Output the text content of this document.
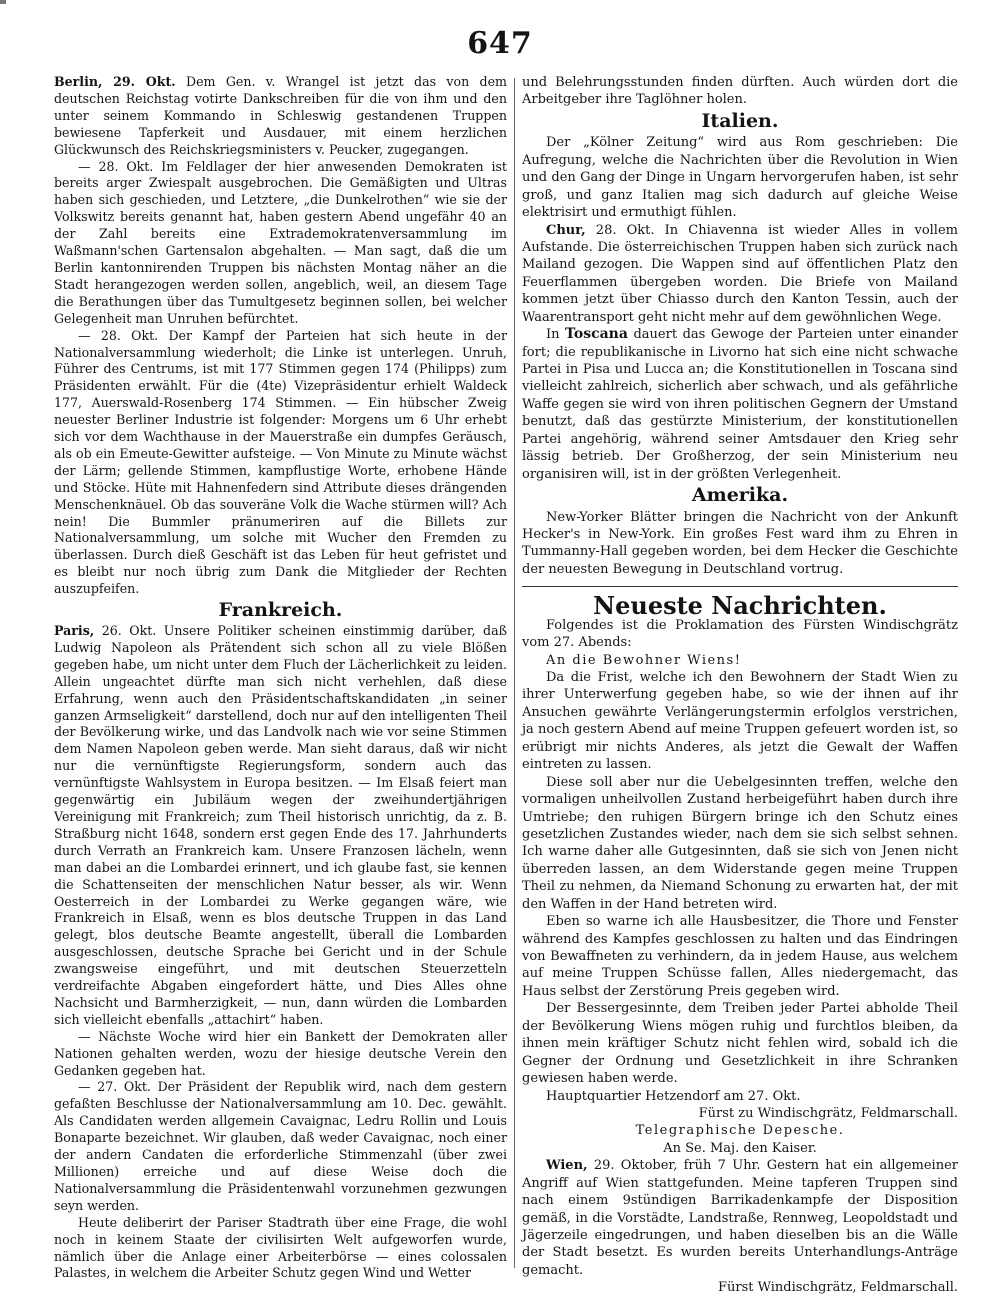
647

Berlin, 29. Okt. Dem Gen. v. Wrangel ist jetzt das von dem deutschen Reichstag votirte Dankschreiben für die von ihm und den unter seinem Kommando in Schleswig gestandenen Truppen bewiesene Tapferkeit und Ausdauer, mit einem herzlichen Glückwunsch des Reichskriegsministers v. Peucker, zugegangen.

— 28. Okt. Im Feldlager der hier anwesenden Demokraten ist bereits arger Zwiespalt ausgebrochen. Die Gemäßigten und Ultras haben sich geschieden, und Letztere, „die Dunkelrothen“ wie sie der Volkswitz bereits genannt hat, haben gestern Abend ungefähr 40 an der Zahl bereits eine Extrademokratenversammlung im Waßmann'schen Gartensalon abgehalten. — Man sagt, daß die um Berlin kantonnirenden Truppen bis nächsten Montag näher an die Stadt herangezogen werden sollen, angeblich, weil, an diesem Tage die Berathungen über das Tumultgesetz beginnen sollen, bei welcher Gelegenheit man Unruhen befürchtet.

— 28. Okt. Der Kampf der Parteien hat sich heute in der Nationalversammlung wiederholt; die Linke ist unterlegen. Unruh, Führer des Centrums, ist mit 177 Stimmen gegen 174 (Philipps) zum Präsidenten erwählt. Für die (4te) Vizepräsidentur erhielt Waldeck 177, Auerswald-Rosenberg 174 Stimmen. — Ein hübscher Zweig neuester Berliner Industrie ist folgender: Morgens um 6 Uhr erhebt sich vor dem Wachthause in der Mauerstraße ein dumpfes Geräusch, als ob ein Emeute-Gewitter aufsteige. — Von Minute zu Minute wächst der Lärm; gellende Stimmen, kampflustige Worte, erhobene Hände und Stöcke. Hüte mit Hahnenfedern sind Attribute dieses drängenden Menschenknäuel. Ob das souveräne Volk die Wache stürmen will? Ach nein! Die Bummler pränumeriren auf die Billets zur Nationalversammlung, um solche mit Wucher den Fremden zu überlassen. Durch dieß Geschäft ist das Leben für heut gefristet und es bleibt nur noch übrig zum Dank die Mitglieder der Rechten auszupfeifen.

Frankreich.

Paris, 26. Okt. Unsere Politiker scheinen einstimmig darüber, daß Ludwig Napoleon als Prätendent sich schon all zu viele Blößen gegeben habe, um nicht unter dem Fluch der Lächerlichkeit zu leiden. Allein ungeachtet dürfte man sich nicht verhehlen, daß diese Erfahrung, wenn auch den Präsidentschaftskandidaten „in seiner ganzen Armseligkeit“ darstellend, doch nur auf den intelligenten Theil der Bevölkerung wirke, und das Landvolk nach wie vor seine Stimmen dem Namen Napoleon geben werde. Man sieht daraus, daß wir nicht nur die vernünftigste Regierungsform, sondern auch das vernünftigste Wahlsystem in Europa besitzen. — Im Elsaß feiert man gegenwärtig ein Jubiläum wegen der zweihundertjährigen Vereinigung mit Frankreich; zum Theil historisch unrichtig, da z. B. Straßburg nicht 1648, sondern erst gegen Ende des 17. Jahrhunderts durch Verrath an Frankreich kam. Unsere Franzosen lächeln, wenn man dabei an die Lombardei erinnert, und ich glaube fast, sie kennen die Schattenseiten der menschlichen Natur besser, als wir. Wenn Oesterreich in der Lombardei zu Werke gegangen wäre, wie Frankreich in Elsaß, wenn es blos deutsche Truppen in das Land gelegt, blos deutsche Beamte angestellt, überall die Lombarden ausgeschlossen, deutsche Sprache bei Gericht und in der Schule zwangsweise eingeführt, und mit deutschen Steuerzetteln verdreifachte Abgaben eingefordert hätte, und Dies Alles ohne Nachsicht und Barmherzigkeit, — nun, dann würden die Lombarden sich vielleicht ebenfalls „attachirt“ haben.

— Nächste Woche wird hier ein Bankett der Demokraten aller Nationen gehalten werden, wozu der hiesige deutsche Verein den Gedanken gegeben hat.

— 27. Okt. Der Präsident der Republik wird, nach dem gestern gefaßten Beschlusse der Nationalversammlung am 10. Dec. gewählt. Als Candidaten werden allgemein Cavaignac, Ledru Rollin und Louis Bonaparte bezeichnet. Wir glauben, daß weder Cavaignac, noch einer der andern Candaten die erforderliche Stimmenzahl (über zwei Millionen) erreiche und auf diese Weise doch die Nationalversammlung die Präsidentenwahl vorzunehmen gezwungen seyn werden.

Heute deliberirt der Pariser Stadtrath über eine Frage, die wohl noch in keinem Staate der civilisirten Welt aufgeworfen wurde, nämlich über die Anlage einer Arbeiterbörse — eines colossalen Palastes, in welchem die Arbeiter Schutz gegen Wind und Wetter

und Belehrungsstunden finden dürften. Auch würden dort die Arbeitgeber ihre Taglöhner holen.

Italien.

Der „Kölner Zeitung“ wird aus Rom geschrieben: Die Aufregung, welche die Nachrichten über die Revolution in Wien und den Gang der Dinge in Ungarn hervorgerufen haben, ist sehr groß, und ganz Italien mag sich dadurch auf gleiche Weise elektrisirt und ermuthigt fühlen.

Chur, 28. Okt. In Chiavenna ist wieder Alles in vollem Aufstande. Die österreichischen Truppen haben sich zurück nach Mailand gezogen. Die Wappen sind auf öffentlichen Platz den Feuerflammen übergeben worden. Die Briefe von Mailand kommen jetzt über Chiasso durch den Kanton Tessin, auch der Waarentransport geht nicht mehr auf dem gewöhnlichen Wege.

In Toscana dauert das Gewoge der Parteien unter einander fort; die republikanische in Livorno hat sich eine nicht schwache Partei in Pisa und Lucca an; die Konstitutionellen in Toscana sind vielleicht zahlreich, sicherlich aber schwach, und als gefährliche Waffe gegen sie wird von ihren politischen Gegnern der Umstand benutzt, daß das gestürzte Ministerium, der konstitutionellen Partei angehörig, während seiner Amtsdauer den Krieg sehr lässig betrieb. Der Großherzog, der sein Ministerium neu organisiren will, ist in der größten Verlegenheit.

Amerika.

New-Yorker Blätter bringen die Nachricht von der Ankunft Hecker's in New-York. Ein großes Fest ward ihm zu Ehren in Tummanny-Hall gegeben worden, bei dem Hecker die Geschichte der neuesten Bewegung in Deutschland vortrug.

Neueste Nachrichten.

Folgendes ist die Proklamation des Fürsten Windischgrätz vom 27. Abends:

An die Bewohner Wiens!

Da die Frist, welche ich den Bewohnern der Stadt Wien zu ihrer Unterwerfung gegeben habe, so wie der ihnen auf ihr Ansuchen gewährte Verlängerungstermin erfolglos verstrichen, ja noch gestern Abend auf meine Truppen gefeuert worden ist, so erübrigt mir nichts Anderes, als jetzt die Gewalt der Waffen eintreten zu lassen.

Diese soll aber nur die Uebelgesinnten treffen, welche den vormaligen unheilvollen Zustand herbeigeführt haben durch ihre Umtriebe; den ruhigen Bürgern bringe ich den Schutz eines gesetzlichen Zustandes wieder, nach dem sie sich selbst sehnen. Ich warne daher alle Gutgesinnten, daß sie sich von Jenen nicht überreden lassen, an dem Widerstande gegen meine Truppen Theil zu nehmen, da Niemand Schonung zu erwarten hat, der mit den Waffen in der Hand betreten wird.

Eben so warne ich alle Hausbesitzer, die Thore und Fenster während des Kampfes geschlossen zu halten und das Eindringen von Bewaffneten zu verhindern, da in jedem Hause, aus welchem auf meine Truppen Schüsse fallen, Alles niedergemacht, das Haus selbst der Zerstörung Preis gegeben wird.

Der Bessergesinnte, dem Treiben jeder Partei abholde Theil der Bevölkerung Wiens mögen ruhig und furchtlos bleiben, da ihnen mein kräftiger Schutz nicht fehlen wird, sobald ich die Gegner der Ordnung und Gesetzlichkeit in ihre Schranken gewiesen haben werde.

Hauptquartier Hetzendorf am 27. Okt.

Fürst zu Windischgrätz, Feldmarschall.

Telegraphische Depesche.

An Se. Maj. den Kaiser.

Wien, 29. Oktober, früh 7 Uhr. Gestern hat ein allgemeiner Angriff auf Wien stattgefunden. Meine tapferen Truppen sind nach einem 9stündigen Barrikadenkampfe der Disposition gemäß, in die Vorstädte, Landstraße, Rennweg, Leopoldstadt und Jägerzeile eingedrungen, und haben dieselben bis an die Wälle der Stadt besetzt. Es wurden bereits Unterhandlungs-Anträge gemacht.

Fürst Windischgrätz, Feldmarschall.
